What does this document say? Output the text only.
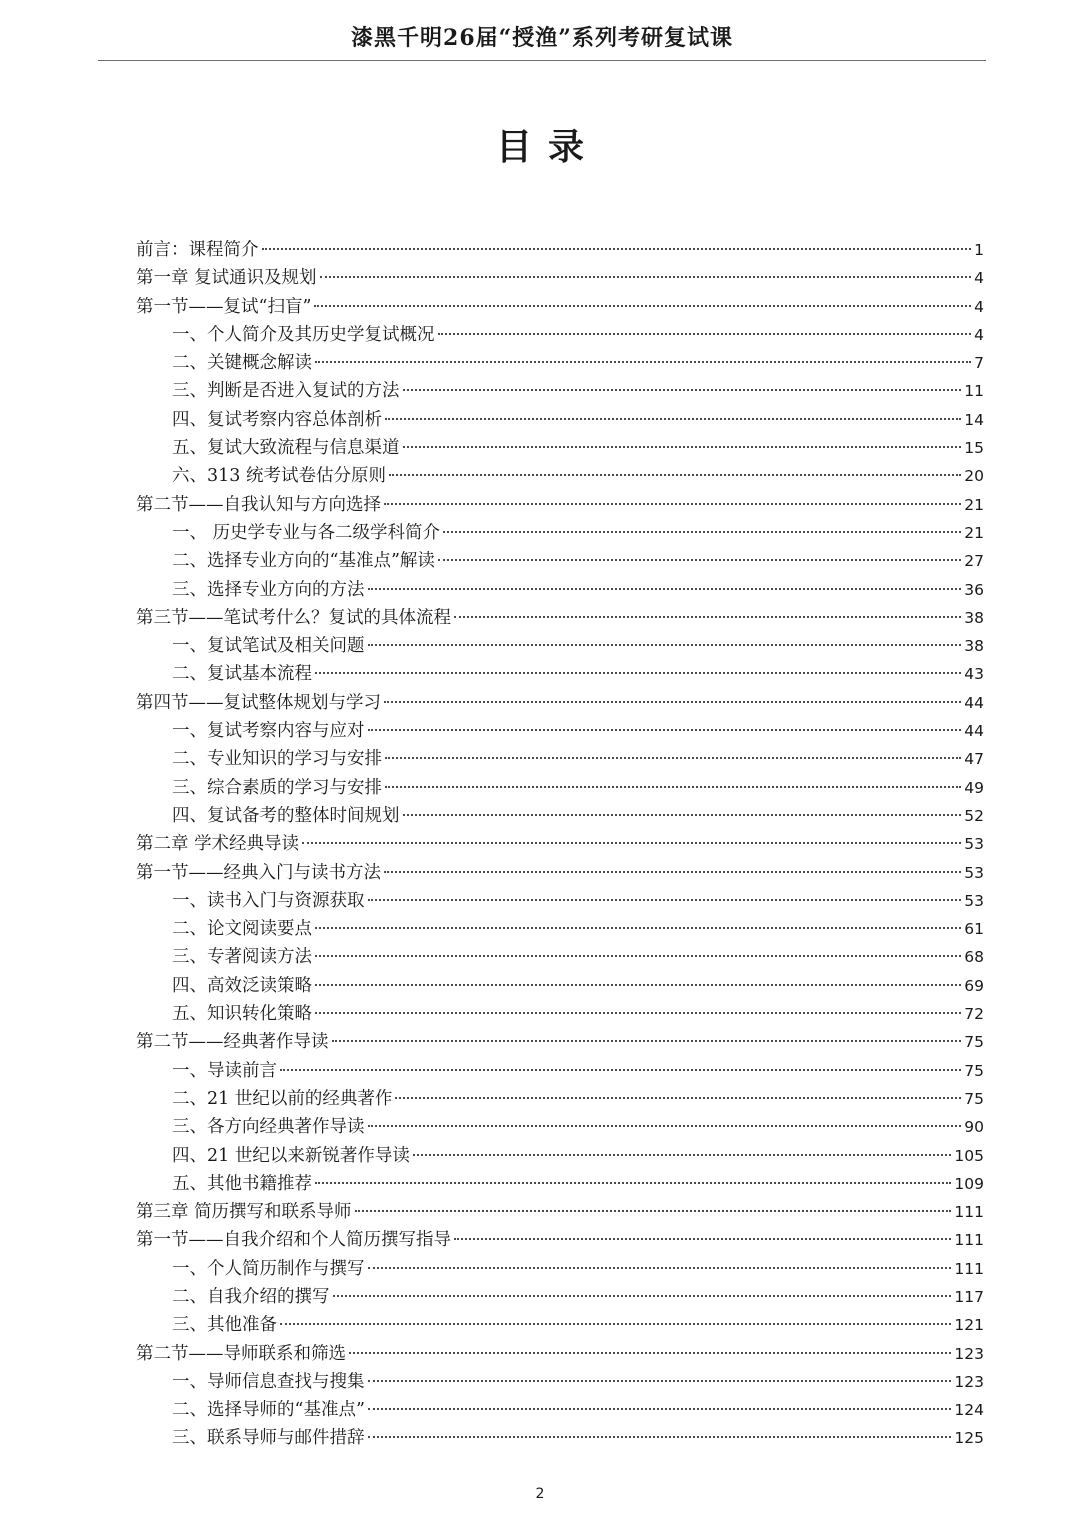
漆黑千明26届“授渔”系列考研复试课
目录
前言：课程简介	1
第一章 复试通识及规划	4
第一节——复试“扫盲”	4
一、个人简介及其历史学复试概况	4
二、关键概念解读	7
三、判断是否进入复试的方法	11
四、复试考察内容总体剖析	14
五、复试大致流程与信息渠道	15
六、313 统考试卷估分原则	20
第二节——自我认知与方向选择	21
一、 历史学专业与各二级学科简介	21
二、选择专业方向的“基准点”解读	27
三、选择专业方向的方法	36
第三节——笔试考什么？复试的具体流程	38
一、复试笔试及相关问题	38
二、复试基本流程	43
第四节——复试整体规划与学习	44
一、复试考察内容与应对	44
二、专业知识的学习与安排	47
三、综合素质的学习与安排	49
四、复试备考的整体时间规划	52
第二章 学术经典导读	53
第一节——经典入门与读书方法	53
一、读书入门与资源获取	53
二、论文阅读要点	61
三、专著阅读方法	68
四、高效泛读策略	69
五、知识转化策略	72
第二节——经典著作导读	75
一、导读前言	75
二、21 世纪以前的经典著作	75
三、各方向经典著作导读	90
四、21 世纪以来新锐著作导读	105
五、其他书籍推荐	109
第三章 简历撰写和联系导师	111
第一节——自我介绍和个人简历撰写指导	111
一、个人简历制作与撰写	111
二、自我介绍的撰写	117
三、其他准备	121
第二节——导师联系和筛选	123
一、导师信息查找与搜集	123
二、选择导师的“基准点”	124
三、联系导师与邮件措辞	125
2
